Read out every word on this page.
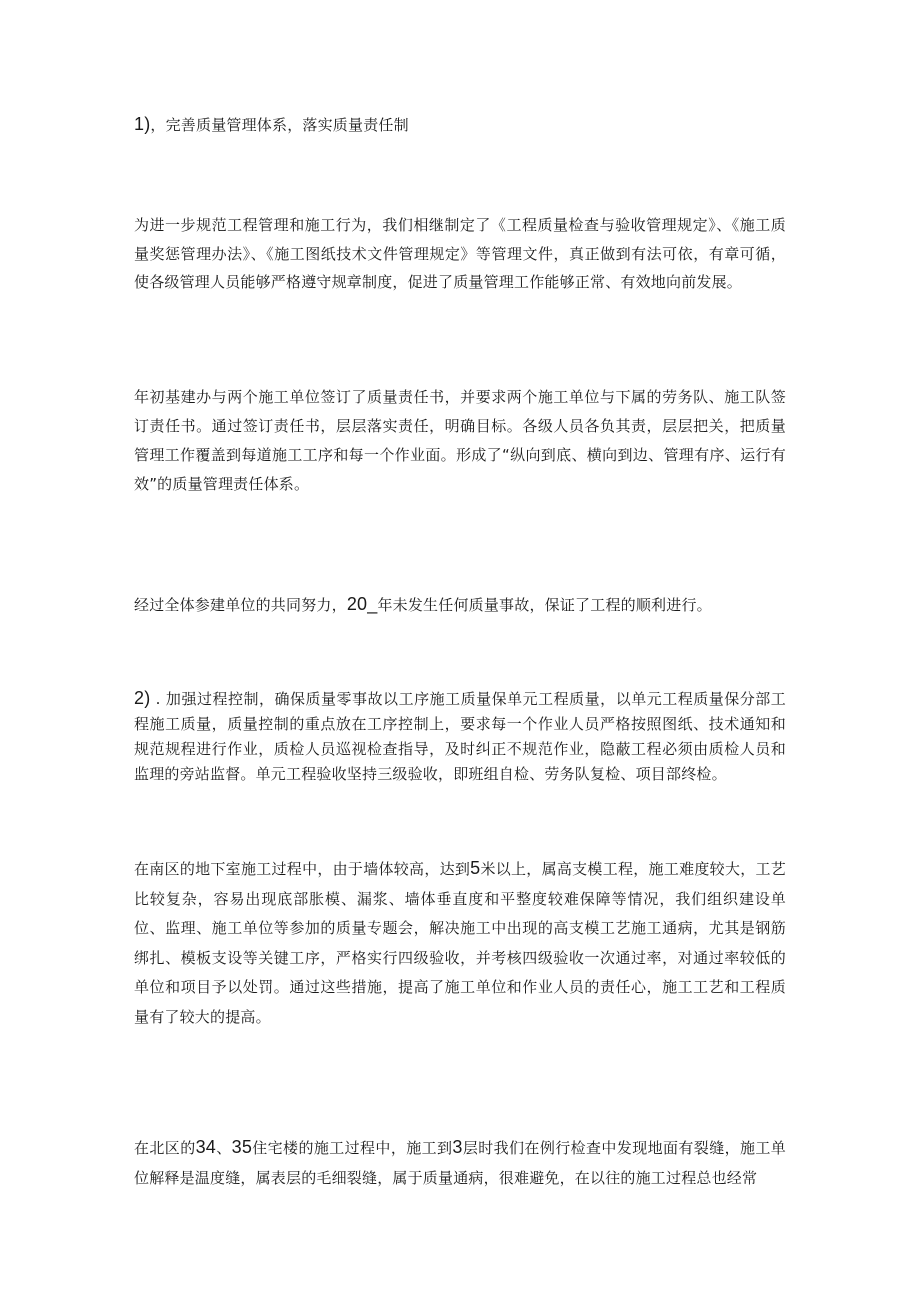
1)，完善质量管理体系，落实质量责任制

为进一步规范工程管理和施工行为，我们相继制定了《工程质量检查与验收管理规定》、《施工质量奖惩管理办法》、《施工图纸技术文件管理规定》等管理文件，真正做到有法可依，有章可循，使各级管理人员能够严格遵守规章制度，促进了质量管理工作能够正常、有效地向前发展。

年初基建办与两个施工单位签订了质量责任书，并要求两个施工单位与下属的劳务队、施工队签订责任书。通过签订责任书，层层落实责任，明确目标。各级人员各负其责，层层把关，把质量管理工作覆盖到每道施工工序和每一个作业面。形成了“纵向到底、横向到边、管理有序、运行有效”的质量管理责任体系。

经过全体参建单位的共同努力，20_年未发生任何质量事故，保证了工程的顺利进行。

2) . 加强过程控制，确保质量零事故以工序施工质量保单元工程质量，以单元工程质量保分部工程施工质量，质量控制的重点放在工序控制上，要求每一个作业人员严格按照图纸、技术通知和规范规程进行作业，质检人员巡视检查指导，及时纠正不规范作业，隐蔽工程必须由质检人员和监理的旁站监督。单元工程验收坚持三级验收，即班组自检、劳务队复检、项目部终检。

在南区的地下室施工过程中，由于墙体较高，达到5米以上，属高支模工程，施工难度较大，工艺比较复杂，容易出现底部胀模、漏浆、墙体垂直度和平整度较难保障等情况，我们组织建设单位、监理、施工单位等参加的质量专题会，解决施工中出现的高支模工艺施工通病，尤其是钢筋绑扎、模板支设等关键工序，严格实行四级验收，并考核四级验收一次通过率，对通过率较低的单位和项目予以处罚。通过这些措施，提高了施工单位和作业人员的责任心，施工工艺和工程质量有了较大的提高。

在北区的34、35住宅楼的施工过程中，施工到3层时我们在例行检查中发现地面有裂缝，施工单位解释是温度缝，属表层的毛细裂缝，属于质量通病，很难避免，在以往的施工过程总也经常
